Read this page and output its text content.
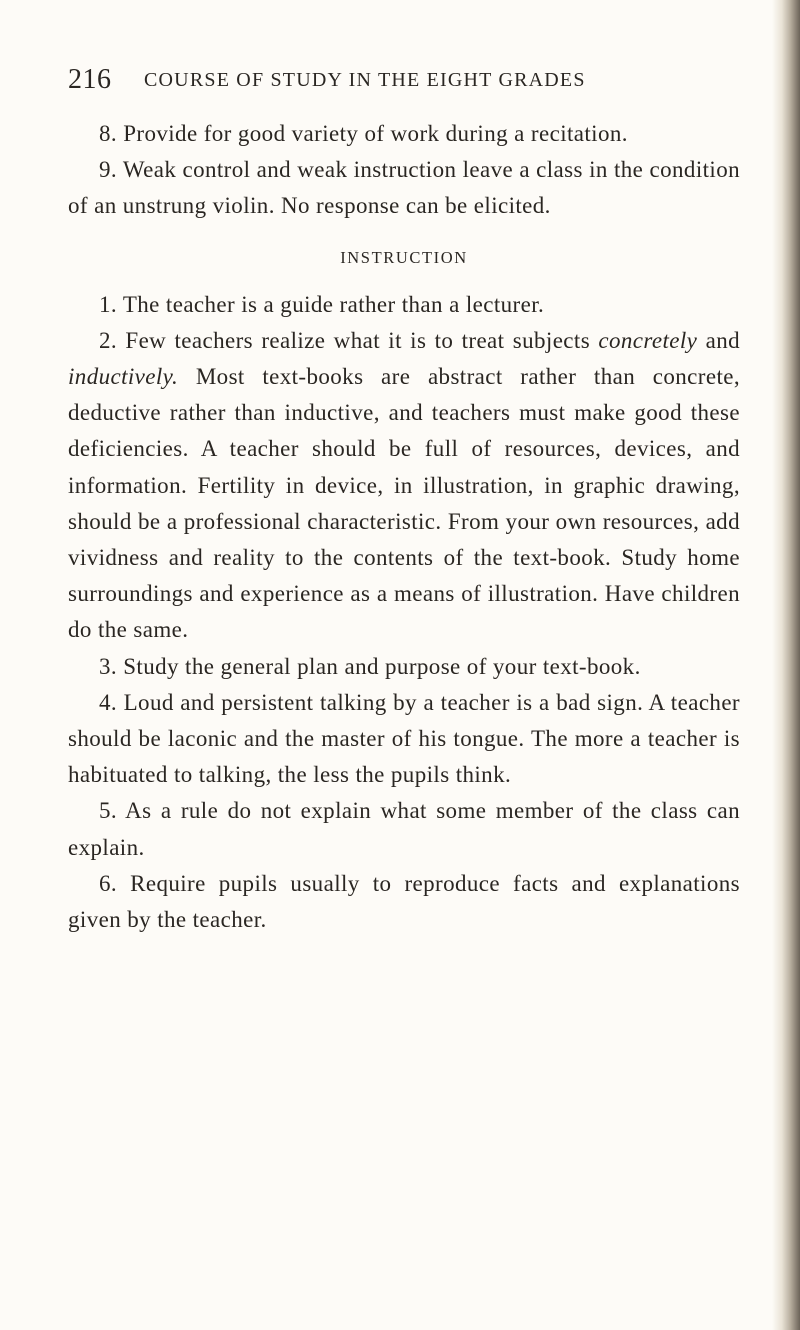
216 COURSE OF STUDY IN THE EIGHT GRADES

8. Provide for good variety of work during a recitation.

9. Weak control and weak instruction leave a class in the condition of an unstrung violin. No response can be elicited.

INSTRUCTION

1. The teacher is a guide rather than a lecturer.

2. Few teachers realize what it is to treat subjects concretely and inductively. Most text-books are abstract rather than concrete, deductive rather than inductive, and teachers must make good these deficiencies. A teacher should be full of resources, devices, and information. Fertility in device, in illustration, in graphic drawing, should be a professional characteristic. From your own resources, add vividness and reality to the contents of the text-book. Study home surroundings and experience as a means of illustration. Have children do the same.

3. Study the general plan and purpose of your text-book.

4. Loud and persistent talking by a teacher is a bad sign. A teacher should be laconic and the master of his tongue. The more a teacher is habituated to talking, the less the pupils think.

5. As a rule do not explain what some member of the class can explain.

6. Require pupils usually to reproduce facts and explanations given by the teacher.
